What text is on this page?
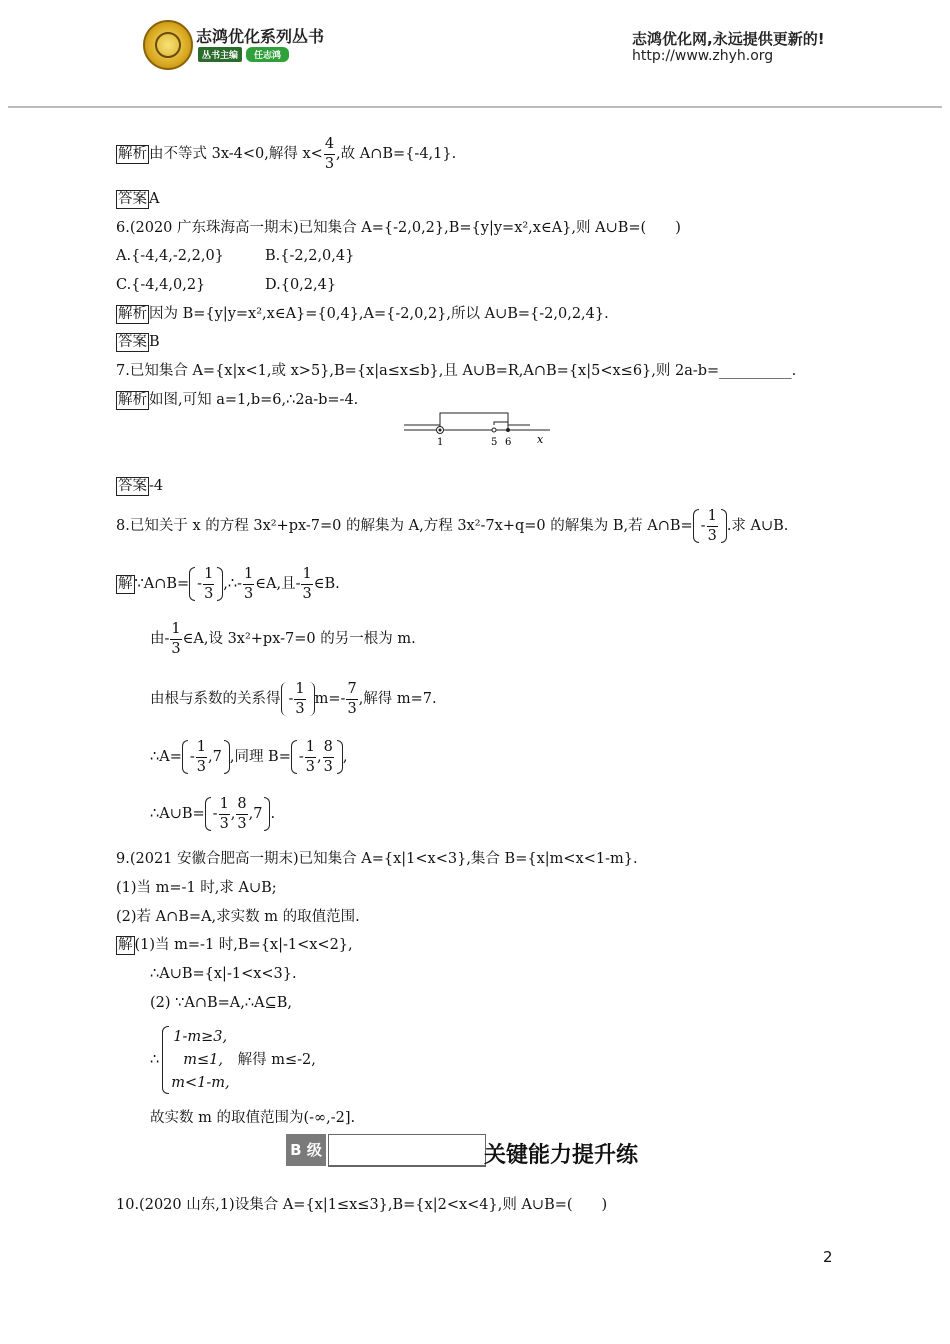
志鸿优化系列丛书
丛书主编	任志鸿
志鸿优化网,永远提供更新的!
http://www.zhyh.org
解析 由不等式 3x-4<0,解得 $x< \frac{4}{3}$ ,故 A∩B={-4,1}.
答案 A
6.(2020 广东珠海高一期末)已知集合 A={-2,0,2},B={y|y=x²,x∈A},则 A∪B=(　　)
A.{-4,4,-2,2,0}	B.{-2,2,0,4}
C.{-4,4,0,2}	D.{0,2,4}
解析 因为 B={y|y=x²,x∈A}={0,4},A={-2,0,2},所以 A∪B={-2,0,2,4}.
答案 B
7.已知集合 A={x|x<1,或 x>5},B={x|a≤x≤b},且 A∪B=R,A∩B={x|5<x≤6},则 2a-b=__________.
解析 如图,可知 a=1,b=6,∴2a-b=-4.
1	5 6 x
答案 -4
8.已知关于 x 的方程 3x²+px-7=0 的解集为 A,方程 3x²-7x+q=0 的解集为 B,若 A∩B= - $\frac{1}{3}$ .求 A∪B.
解 ∵A∩B= - $\frac{1}{3}$ ,∴- $\frac{1}{3}$ ∈A,且- $\frac{1}{3}$ ∈B.
由- $\frac{1}{3}$ ∈A,设 3x²+px-7=0 的另一根为 m.
由根与系数的关系得 - $\frac{1}{3} m=- \frac{7}{3}$ ,解得 m=7.
∴A= - $\frac{1}{3} ,7$ ,同理 $B= - \frac{1}{3}$ , $\frac{8}{3}$ ,
∴A∪B= - $\frac{1}{3}$ , $\frac{8}{3} ,7$ .
9.(2021 安徽合肥高一期末)已知集合 A={x|1<x<3},集合 B={x|m<x<1-m}.
(1)当 m=-1 时,求 A∪B;
(2)若 A∩B=A,求实数 m 的取值范围.
解 (1)当 m=-1 时,B={x|-1<x<2},
∴A∪B={x|-1<x<3}.
(2) ∵A∩B=A,∴A⊆B,
∴
1-m≥3,
m≤1,
m<1-m,
解得 m≤-2,
故实数 m 的取值范围为(-∞,-2].
B 级	关键能力提升练
10.(2020 山东,1)设集合 A={x|1≤x≤3},B={x|2<x<4},则 A∪B=(　　)
2
